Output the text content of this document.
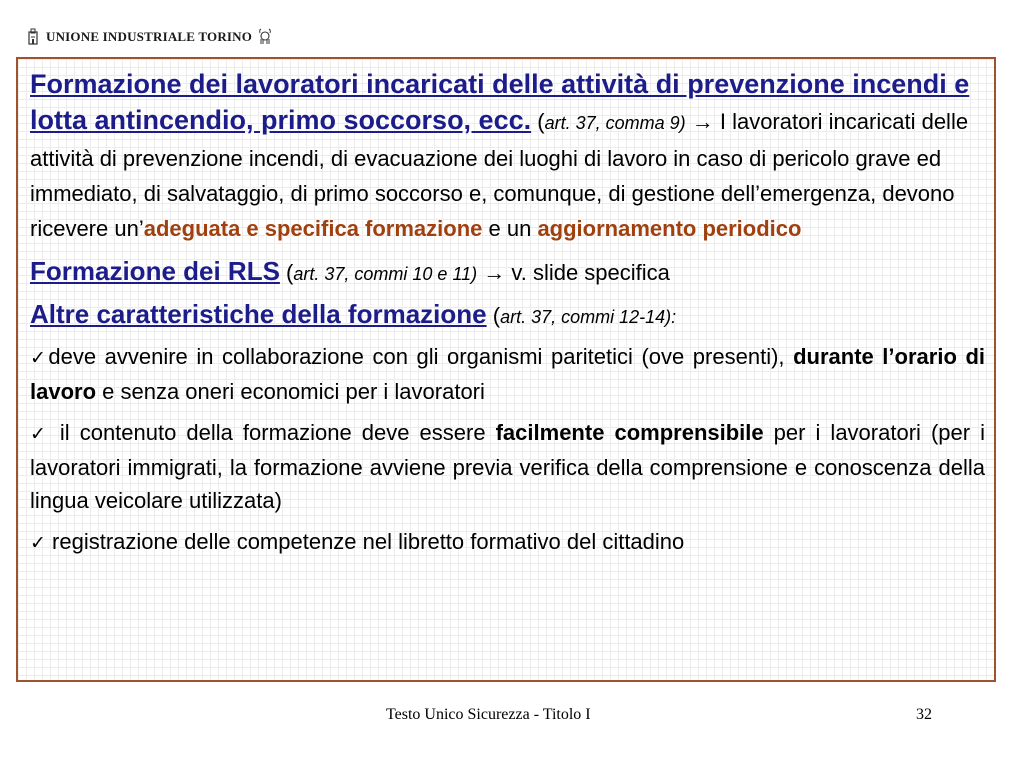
UNIONE INDUSTRIALE TORINO

Formazione dei lavoratori incaricati delle attività di prevenzione incendi e lotta antincendio, primo soccorso, ecc. (art. 37, comma 9) → I lavoratori incaricati delle attività di prevenzione incendi, di evacuazione dei luoghi di lavoro in caso di pericolo grave ed immediato, di salvataggio, di primo soccorso e, comunque, di gestione dell’emergenza, devono ricevere un’adeguata e specifica formazione e un aggiornamento periodico

Formazione dei RLS (art. 37, commi 10 e 11) → v. slide specifica

Altre caratteristiche della formazione (art. 37, commi 12-14):

✓deve avvenire in collaborazione con gli organismi paritetici (ove presenti), durante l’orario di lavoro e senza oneri economici per i lavoratori

✓ il contenuto della formazione deve essere facilmente comprensibile per i lavoratori (per i lavoratori immigrati, la formazione avviene previa verifica della comprensione e conoscenza della lingua veicolare utilizzata)

✓ registrazione delle competenze nel libretto formativo del cittadino

Testo Unico Sicurezza - Titolo I	32
